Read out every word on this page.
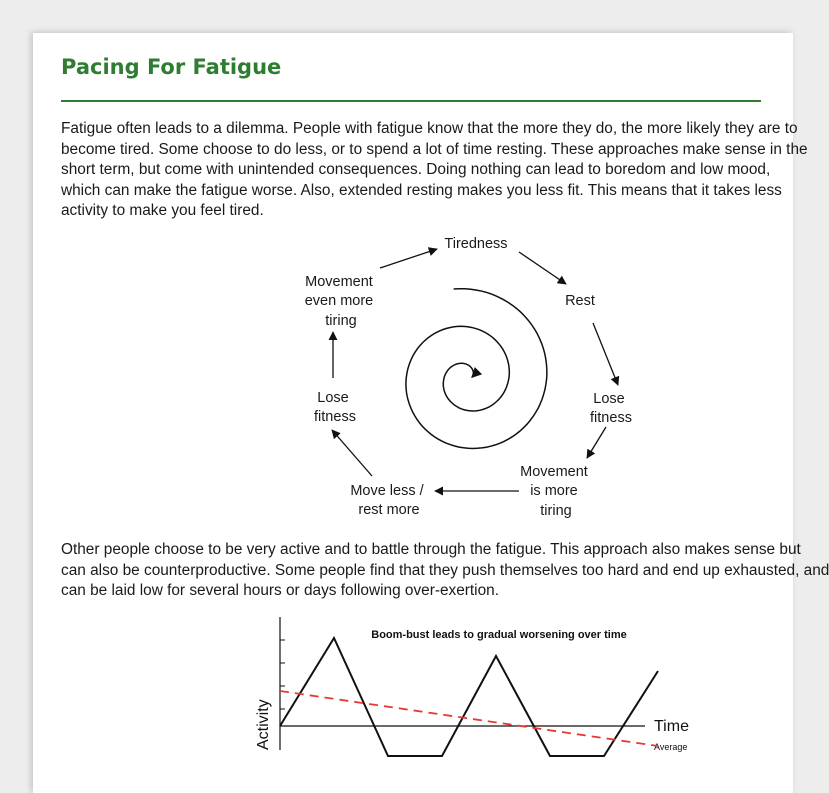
Pacing For Fatigue
Fatigue often leads to a dilemma. People with fatigue know that the more they do, the more likely they are to
become tired. Some choose to do less, or to spend a lot of time resting. These approaches make sense in the
short term, but come with unintended consequences. Doing nothing can lead to boredom and low mood,
which can make the fatigue worse. Also, extended resting makes you less fit. This means that it takes less
activity to make you feel tired.
Tiredness
Rest
Lose fitness
Movement is more tiring
Move less / rest more
Lose fitness
Movement even more tiring
Other people choose to be very active and to battle through the fatigue. This approach also makes sense but
can also be counterproductive. Some people find that they push themselves too hard and end up exhausted, and
can be laid low for several hours or days following over-exertion.
Boom-bust leads to gradual worsening over time
Time
Activity	Average
